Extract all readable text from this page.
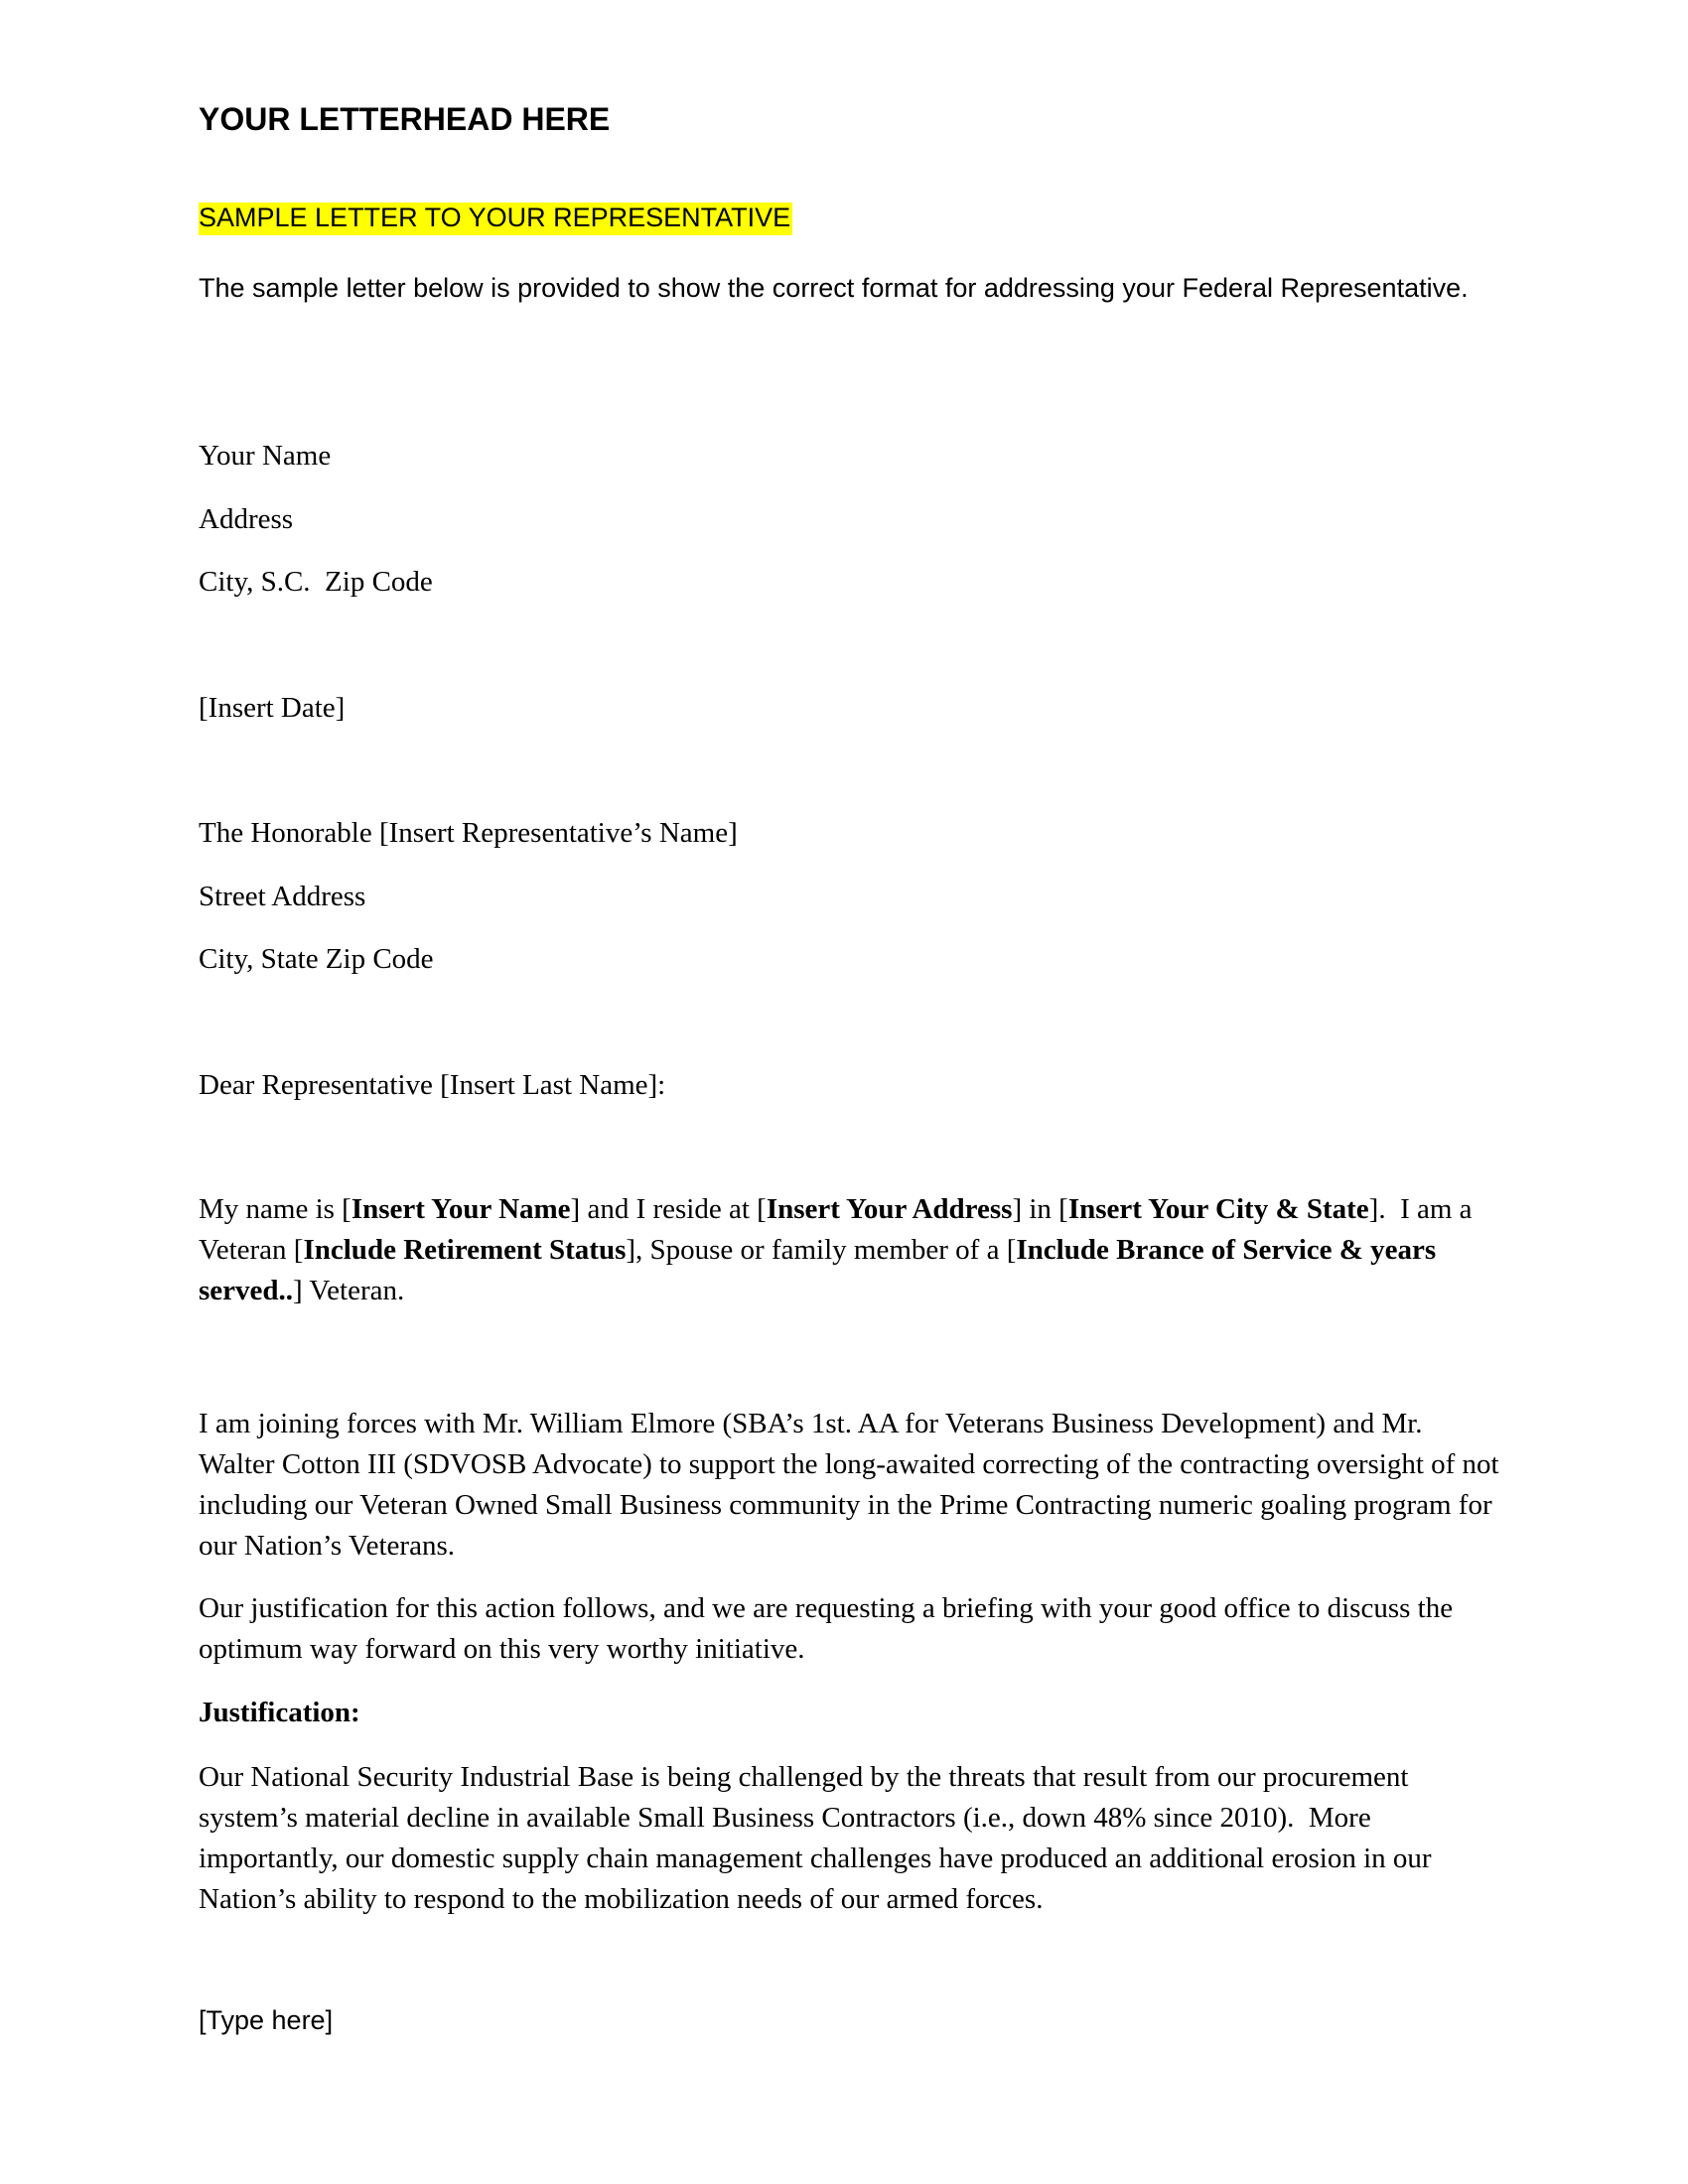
YOUR LETTERHEAD HERE
SAMPLE LETTER TO YOUR REPRESENTATIVE
The sample letter below is provided to show the correct format for addressing your Federal Representative.
Your Name
Address
City, S.C.  Zip Code
[Insert Date]
The Honorable [Insert Representative’s Name]
Street Address
City, State Zip Code
Dear Representative [Insert Last Name]:
My name is [Insert Your Name] and I reside at [Insert Your Address] in [Insert Your City & State].  I am a Veteran [Include Retirement Status], Spouse or family member of a [Include Brance of Service & years served..] Veteran.
I am joining forces with Mr. William Elmore (SBA’s 1st. AA for Veterans Business Development) and Mr. Walter Cotton III (SDVOSB Advocate) to support the long-awaited correcting of the contracting oversight of not including our Veteran Owned Small Business community in the Prime Contracting numeric goaling program for our Nation’s Veterans.
Our justification for this action follows, and we are requesting a briefing with your good office to discuss the optimum way forward on this very worthy initiative.
Justification:
Our National Security Industrial Base is being challenged by the threats that result from our procurement system’s material decline in available Small Business Contractors (i.e., down 48% since 2010).  More importantly, our domestic supply chain management challenges have produced an additional erosion in our Nation’s ability to respond to the mobilization needs of our armed forces.
[Type here]
